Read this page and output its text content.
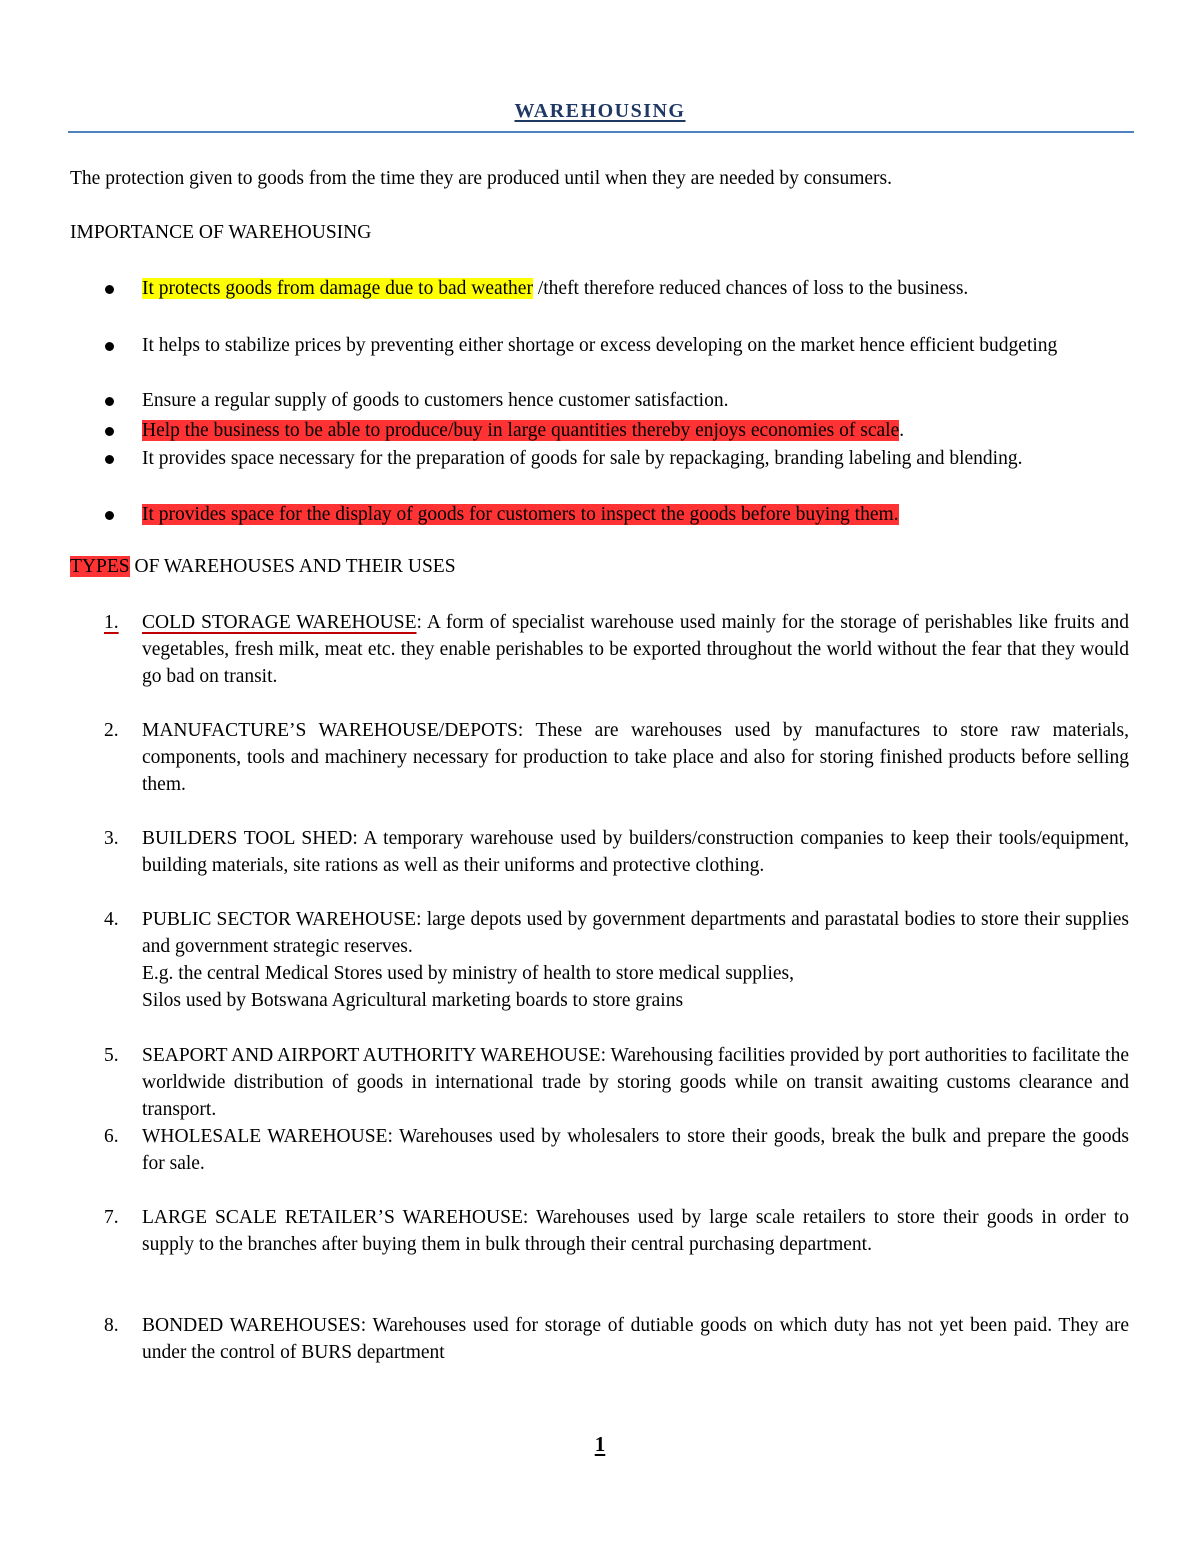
WAREHOUSING
The protection given to goods from the time they are produced until when they are needed by consumers.
IMPORTANCE OF WAREHOUSING
It protects goods from damage due to bad weather /theft therefore reduced chances of loss to the business.
It helps to stabilize prices by preventing either shortage or excess developing on the market hence efficient budgeting
Ensure a regular supply of goods to customers hence customer satisfaction.
Help the business to be able to produce/buy in large quantities thereby enjoys economies of scale.
It provides space necessary for the preparation of goods for sale by repackaging, branding labeling and blending.
It provides space for the display of goods for customers to inspect the goods before buying them.
TYPES OF WAREHOUSES AND THEIR USES
1. COLD STORAGE WAREHOUSE: A form of specialist warehouse used mainly for the storage of perishables like fruits and vegetables, fresh milk, meat etc. they enable perishables to be exported throughout the world without the fear that they would go bad on transit.
2. MANUFACTURE’S WAREHOUSE/DEPOTS: These are warehouses used by manufactures to store raw materials, components, tools and machinery necessary for production to take place and also for storing finished products before selling them.
3. BUILDERS TOOL SHED: A temporary warehouse used by builders/construction companies to keep their tools/equipment, building materials, site rations as well as their uniforms and protective clothing.
4. PUBLIC SECTOR WAREHOUSE: large depots used by government departments and parastatal bodies to store their supplies and government strategic reserves.
E.g. the central Medical Stores used by ministry of health to store medical supplies,
Silos used by Botswana Agricultural marketing boards to store grains
5. SEAPORT AND AIRPORT AUTHORITY WAREHOUSE: Warehousing facilities provided by port authorities to facilitate the worldwide distribution of goods in international trade by storing goods while on transit awaiting customs clearance and transport.
6. WHOLESALE WAREHOUSE: Warehouses used by wholesalers to store their goods, break the bulk and prepare the goods for sale.
7. LARGE SCALE RETAILER’S WAREHOUSE: Warehouses used by large scale retailers to store their goods in order to supply to the branches after buying them in bulk through their central purchasing department.
8. BONDED WAREHOUSES: Warehouses used for storage of dutiable goods on which duty has not yet been paid. They are under the control of BURS department
1
